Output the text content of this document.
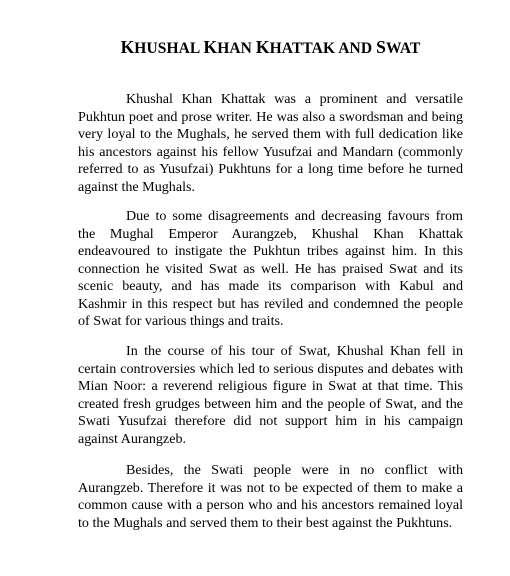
KHUSHAL KHAN KHATTAK AND SWAT

Khushal Khan Khattak was a prominent and versatile Pukhtun poet and prose writer. He was also a swordsman and being very loyal to the Mughals, he served them with full dedication like his ancestors against his fellow Yusufzai and Mandarn (commonly referred to as Yusufzai) Pukhtuns for a long time before he turned against the Mughals.

Due to some disagreements and decreasing favours from the Mughal Emperor Aurangzeb, Khushal Khan Khattak endeavoured to instigate the Pukhtun tribes against him. In this connection he visited Swat as well. He has praised Swat and its scenic beauty, and has made its comparison with Kabul and Kashmir in this respect but has reviled and condemned the people of Swat for various things and traits.

In the course of his tour of Swat, Khushal Khan fell in certain controversies which led to serious disputes and debates with Mian Noor: a reverend religious figure in Swat at that time. This created fresh grudges between him and the people of Swat, and the Swati Yusufzai therefore did not support him in his campaign against Aurangzeb.

Besides, the Swati people were in no conflict with Aurangzeb. Therefore it was not to be expected of them to make a common cause with a person who and his ancestors remained loyal to the Mughals and served them to their best against the Pukhtuns.
